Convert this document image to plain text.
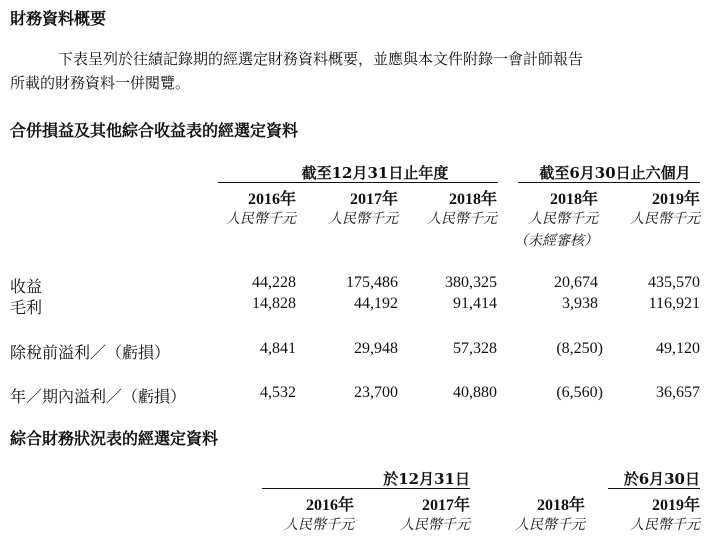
財務資料概要
下表呈列於往績記錄期的經選定財務資料概要，並應與本文件附錄一會計師報告
所載的財務資料一併閱覽。
合併損益及其他綜合收益表的經選定資料
截至12月31日止年度	截至6月30日止六個月
2016年	2017年	2018年	2018年	2019年
人民幣千元	人民幣千元	人民幣千元	人民幣千元	人民幣千元
（未經審核）
收益	44,228	175,486	380,325	20,674	435,570
毛利	14,828	44,192	91,414	3,938	116,921
除稅前溢利／（虧損）	4,841	29,948	57,328	(8,250)	49,120
年／期內溢利／（虧損）	4,532	23,700	40,880	(6,560)	36,657
綜合財務狀況表的經選定資料
於12月31日	於6月30日
2016年	2017年	2018年	2019年
人民幣千元	人民幣千元	人民幣千元	人民幣千元
